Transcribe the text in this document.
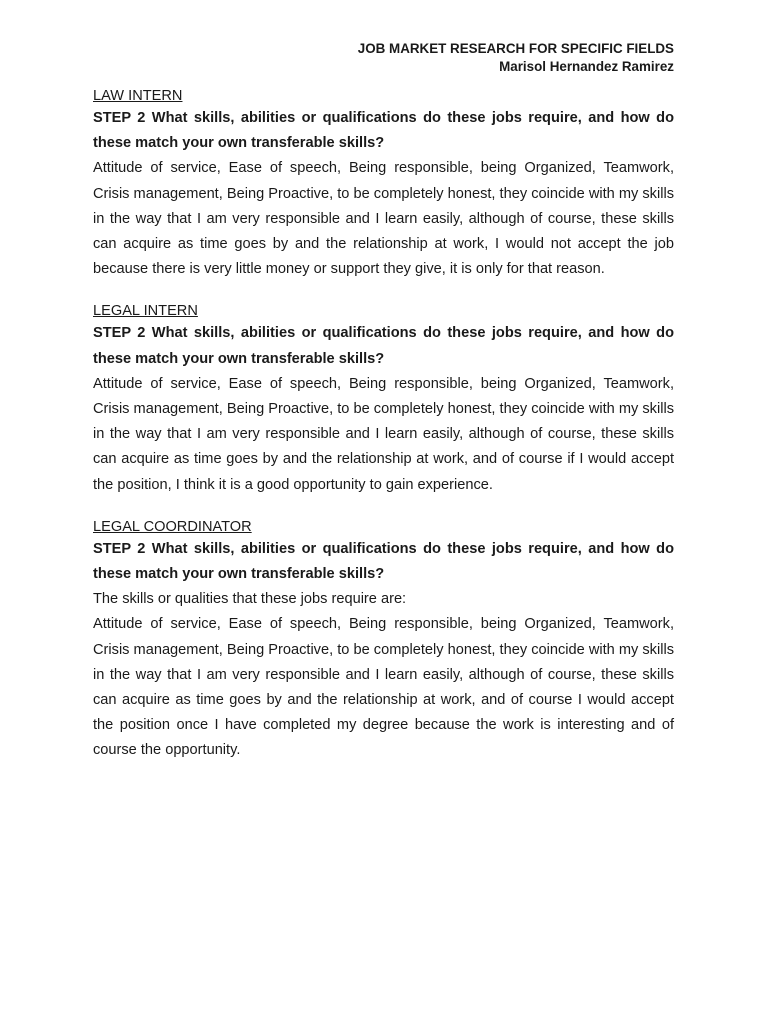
JOB MARKET RESEARCH FOR SPECIFIC FIELDS
Marisol Hernandez Ramirez
LAW INTERN
STEP 2 What skills, abilities or qualifications do these jobs require, and how do these match your own transferable skills?

Attitude of service, Ease of speech, Being responsible, being Organized, Teamwork, Crisis management, Being Proactive, to be completely honest, they coincide with my skills in the way that I am very responsible and I learn easily, although of course, these skills can acquire as time goes by and the relationship at work, I would not accept the job because there is very little money or support they give, it is only for that reason.

LEGAL INTERN
STEP 2 What skills, abilities or qualifications do these jobs require, and how do these match your own transferable skills?

Attitude of service, Ease of speech, Being responsible, being Organized, Teamwork, Crisis management, Being Proactive, to be completely honest, they coincide with my skills in the way that I am very responsible and I learn easily, although of course, these skills can acquire as time goes by and the relationship at work, and of course if I would accept the position, I think it is a good opportunity to gain experience.

LEGAL COORDINATOR
STEP 2 What skills, abilities or qualifications do these jobs require, and how do these match your own transferable skills?

The skills or qualities that these jobs require are:

Attitude of service, Ease of speech, Being responsible, being Organized, Teamwork, Crisis management, Being Proactive, to be completely honest, they coincide with my skills in the way that I am very responsible and I learn easily, although of course, these skills can acquire as time goes by and the relationship at work, and of course I would accept the position once I have completed my degree because the work is interesting and of course the opportunity.
